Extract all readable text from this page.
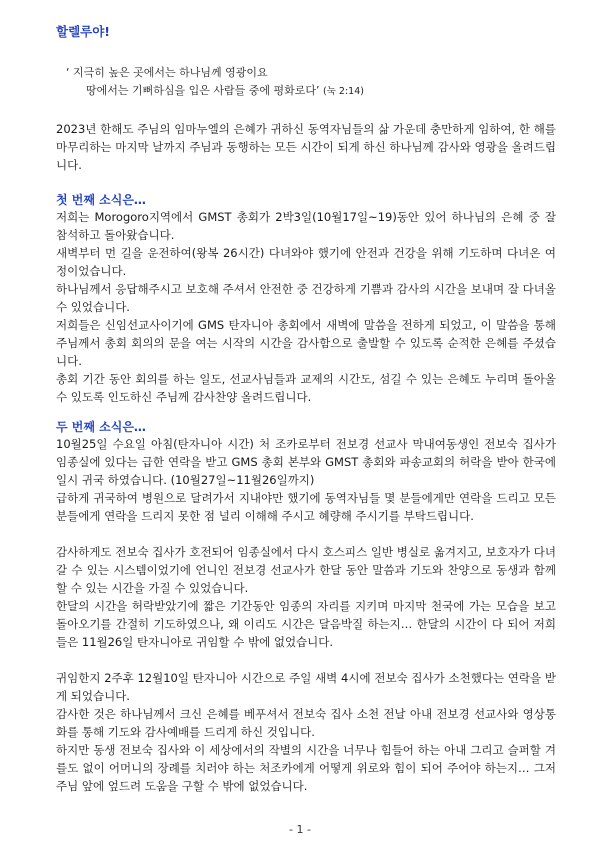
할렐루야!
‘ 지극히 높은 곳에서는 하나님께 영광이요
땅에서는 기뻐하심을 입은 사람들 중에 평화로다’ (눅 2:14)
2023년 한해도 주님의 임마누엘의 은혜가 귀하신 동역자님들의 삶 가운데 충만하게 임하여, 한 해를 마무리하는 마지막 날까지 주님과 동행하는 모든 시간이 되게 하신 하나님께 감사와 영광을 올려드립니다.
첫 번째 소식은…
저희는 Morogoro지역에서 GMST 총회가 2박3일(10월17일~19)동안 있어 하나님의 은혜 중 잘 참석하고 돌아왔습니다.
새벽부터 먼 길을 운전하여(왕복 26시간) 다녀와야 했기에 안전과 건강을 위해 기도하며 다녀온 여정이었습니다.
하나님께서 응답해주시고 보호해 주셔서 안전한 중 건강하게 기쁨과 감사의 시간을 보내며 잘 다녀올 수 있었습니다.
저희들은 신임선교사이기에 GMS 탄자니아 총회에서 새벽에 말씀을 전하게 되었고, 이 말씀을 통해 주님께서 총회 회의의 문을 여는 시작의 시간을 감사함으로 출발할 수 있도록 순적한 은혜를 주셨습니다.
총회 기간 동안 회의를 하는 일도, 선교사님들과 교제의 시간도, 섬길 수 있는 은혜도 누리며 돌아올 수 있도록 인도하신 주님께 감사찬양 올려드립니다.
두 번째 소식은…
10월25일 수요일 아침(탄자니아 시간) 처 조카로부터 전보경 선교사 막내여동생인 전보숙 집사가 임종실에 있다는 급한 연락을 받고 GMS 총회 본부와 GMST 총회와 파송교회의 허락을 받아 한국에 일시 귀국 하였습니다. (10월27일~11월26일까지)
급하게 귀국하여 병원으로 달려가서 지내야만 했기에 동역자님들 몇 분들에게만 연락을 드리고 모든 분들에게 연락을 드리지 못한 점 널리 이해해 주시고 혜량해 주시기를 부탁드립니다.
감사하게도 전보숙 집사가 호전되어 임종실에서 다시 호스피스 일반 병실로 옮겨지고, 보호자가 다녀갈 수 있는 시스템이었기에 언니인 전보경 선교사가 한달 동안 말씀과 기도와 찬양으로 동생과 함께 할 수 있는 시간을 가질 수 있었습니다.
한달의 시간을 허락받았기에 짧은 기간동안 임종의 자리를 지키며 마지막 천국에 가는 모습을 보고 돌아오기를 간절히 기도하였으나, 왜 이리도 시간은 달음박질 하는지… 한달의 시간이 다 되어 저희들은 11월26일 탄자니아로 귀임할 수 밖에 없었습니다.
귀임한지 2주후 12월10일 탄자니아 시간으로 주일 새벽 4시에 전보숙 집사가 소천했다는 연락을 받게 되었습니다.
감사한 것은 하나님께서 크신 은혜를 베푸셔서 전보숙 집사 소천 전날 아내 전보경 선교사와 영상통화를 통해 기도와 감사예배를 드리게 하신 것입니다.
하지만 동생 전보숙 집사와 이 세상에서의 작별의 시간을 너무나 힘들어 하는 아내 그리고 슬퍼할 겨를도 없이 어머니의 장례를 치러야 하는 처조카에게 어떻게 위로와 힘이 되어 주어야 하는지… 그저 주님 앞에 엎드려 도움을 구할 수 밖에 없었습니다.
- 1 -
